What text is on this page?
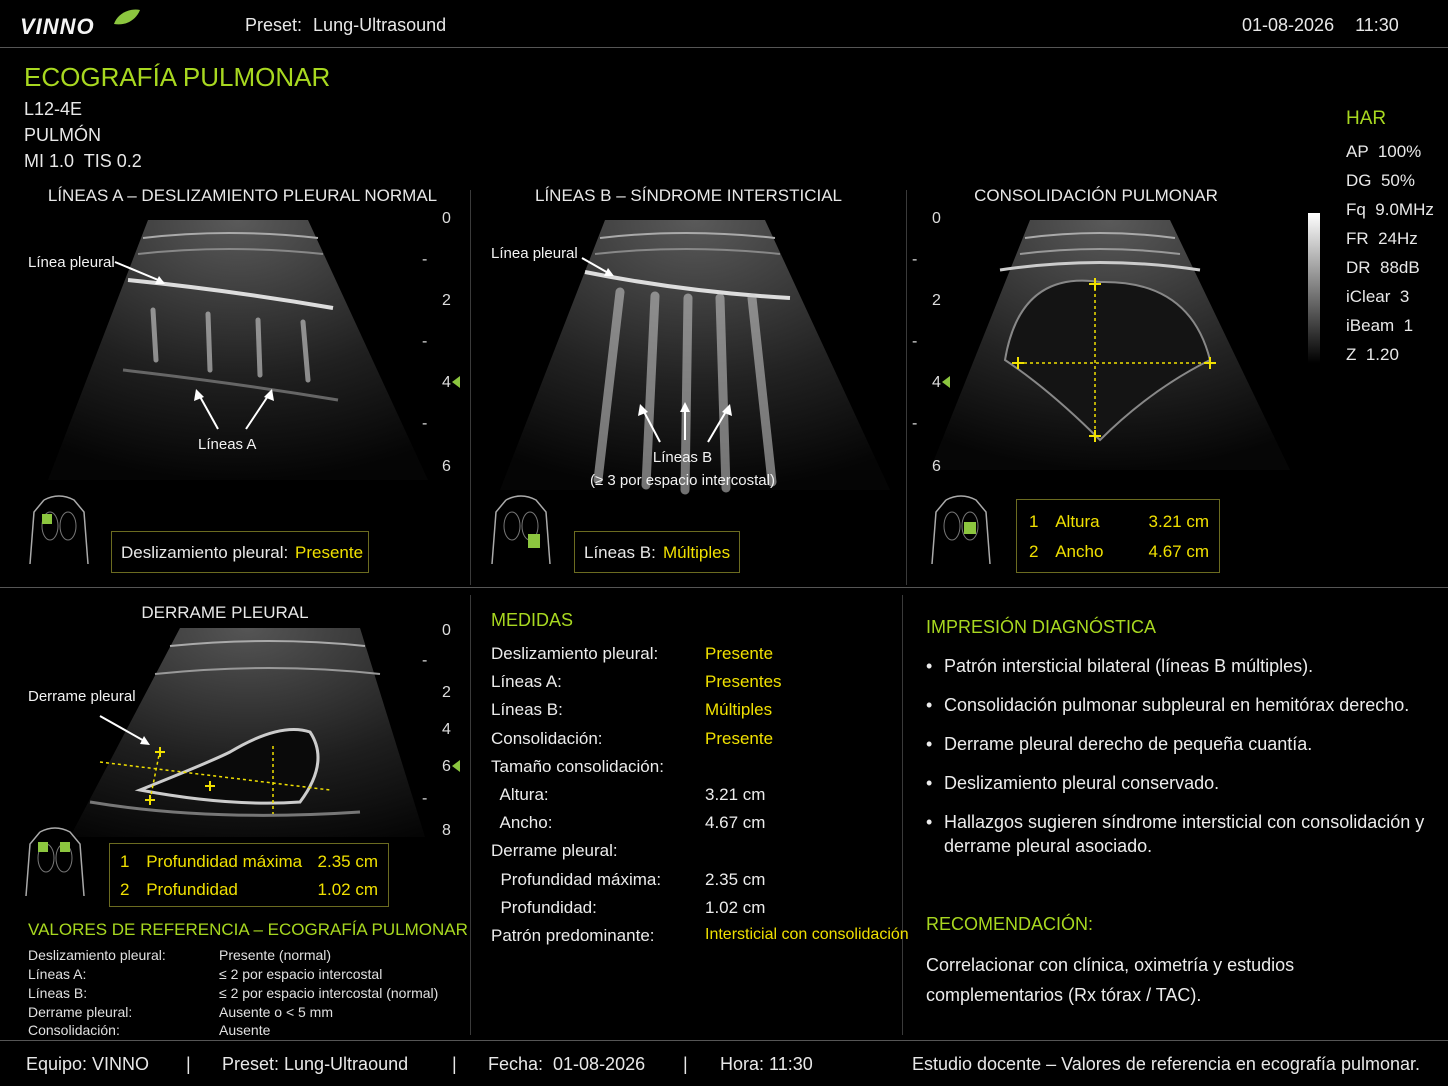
VINNO	Preset: Lung-Ultrasound	01-08-2026 11:30
ECOGRAFÍA PULMONAR
L12-4E
PULMÓN
MI 1.0  TIS 0.2
HAR
AP  100%
DG  50%
Fq  9.0MHz
FR  24Hz
DR  88dB
iClear  3
iBeam  1
Z  1.20
LÍNEAS A – DESLIZAMIENTO PLEURAL NORMAL
Línea pleural
Líneas A
0
-
2
-
4
-
6
Deslizamiento pleural: Presente
LÍNEAS B – SÍNDROME INTERSTICIAL
Línea pleural
Líneas B
(≥ 3 por espacio intercostal)
Líneas B: Múltiples
CONSOLIDACIÓN PULMONAR
0
-
2
-
4
-
6
1 Altura	3.21 cm
2 Ancho	4.67 cm
DERRAME PLEURAL
Derrame pleural
0
-
2
4
6
-
8
1 Profundidad máxima 2.35 cm
2 Profundidad	1.02 cm
VALORES DE REFERENCIA – ECOGRAFÍA PULMONAR
Deslizamiento pleural:	Presente (normal)
Líneas A:	≤ 2 por espacio intercostal
Líneas B:	≤ 2 por espacio intercostal (normal)
Derrame pleural:	Ausente o < 5 mm
Consolidación:	Ausente
MEDIDAS
Deslizamiento pleural:	Presente
Líneas A:	Presentes
Líneas B:	Múltiples
Consolidación:	Presente
Tamaño consolidación:
Altura:	3.21 cm
Ancho:	4.67 cm
Derrame pleural:
Profundidad máxima:	2.35 cm
Profundidad:	1.02 cm
Patrón predominante:	Intersticial con consolidación
IMPRESIÓN DIAGNÓSTICA
• Patrón intersticial bilateral (líneas B múltiples).
• Consolidación pulmonar subpleural en hemitórax derecho.
• Derrame pleural derecho de pequeña cuantía.
• Deslizamiento pleural conservado.
• Hallazgos sugieren síndrome intersticial con consolidación y derrame pleural asociado.
RECOMENDACIÓN:
Correlacionar con clínica, oximetría y estudios complementarios (Rx tórax / TAC).
Equipo: VINNO | Preset: Lung-Ultraound | Fecha:  01-08-2026 | Hora: 11:30	Estudio docente – Valores de referencia en ecografía pulmonar.
